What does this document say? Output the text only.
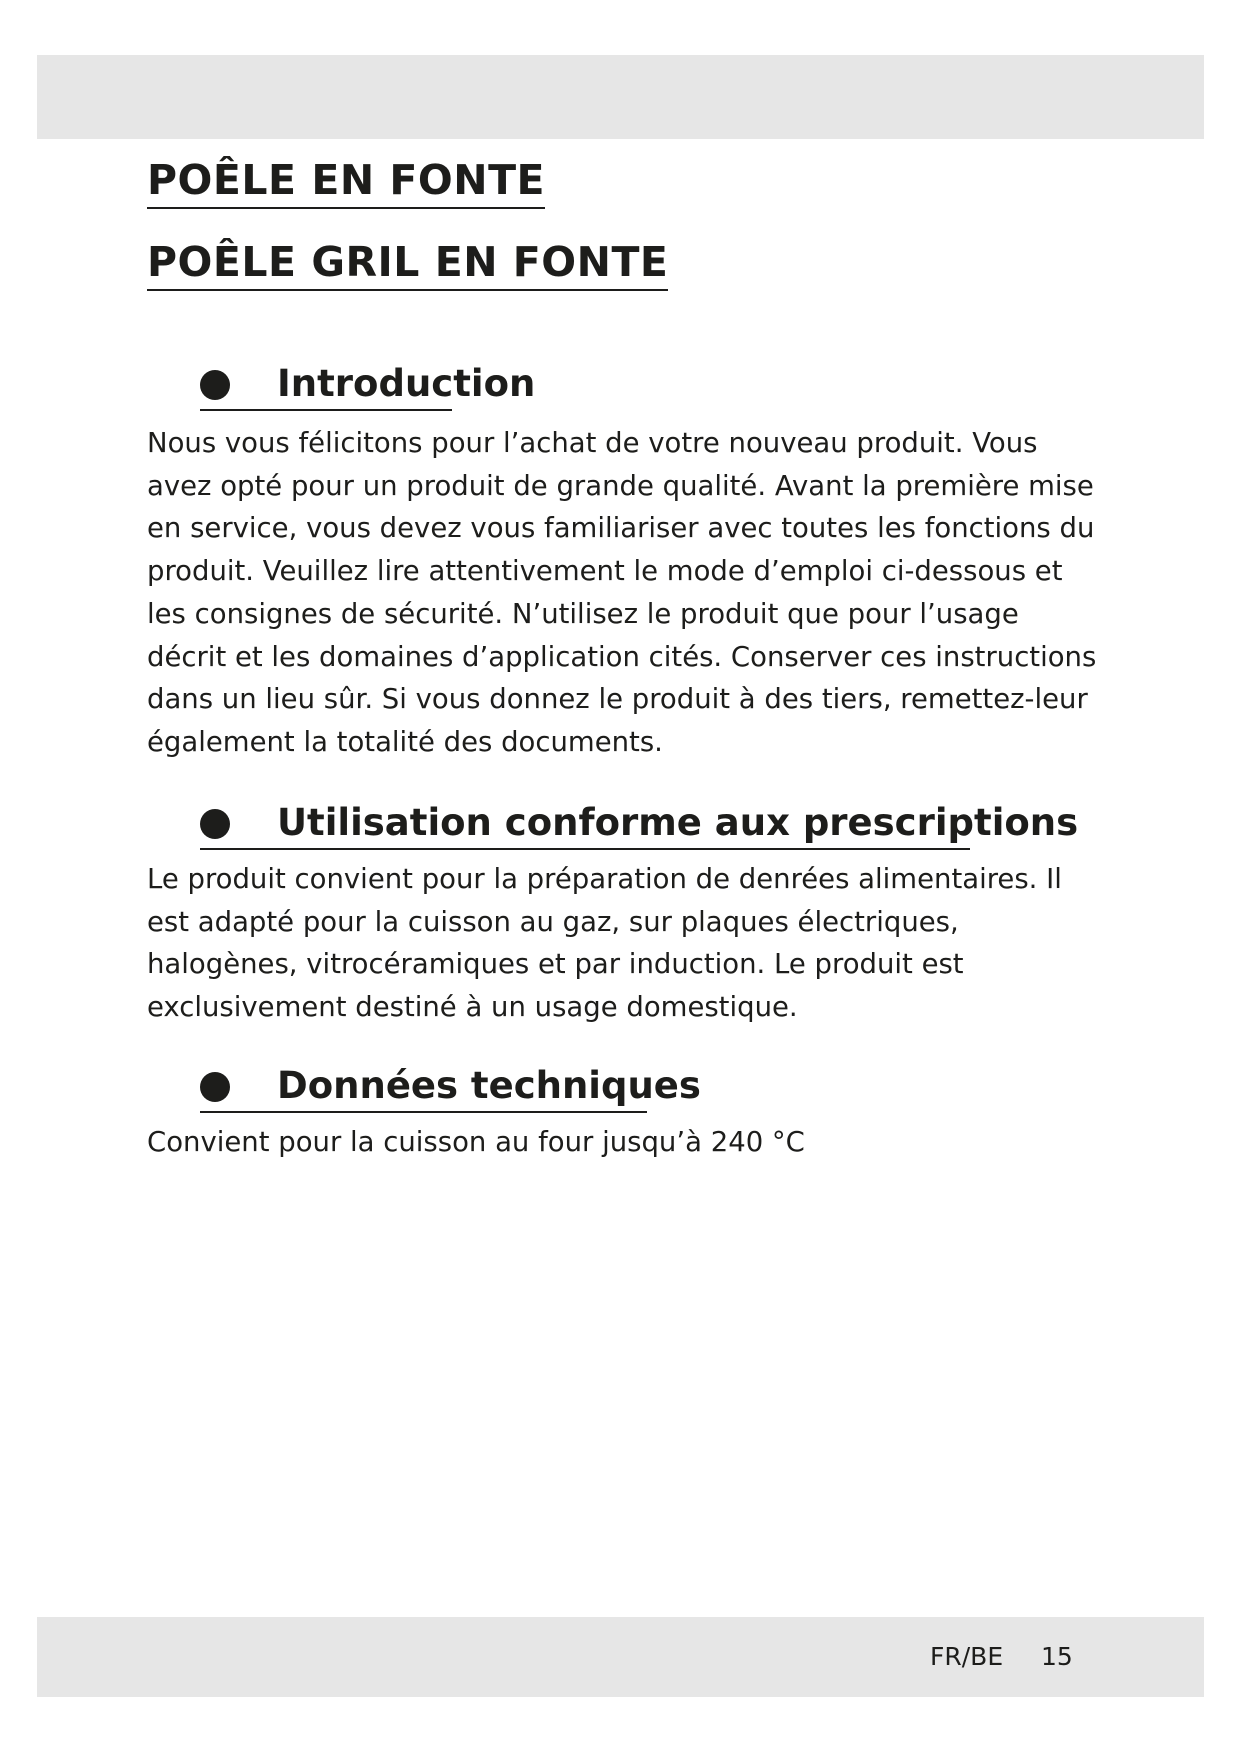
POÊLE EN FONTE
POÊLE GRIL EN FONTE
Introduction

Nous vous félicitons pour l’achat de votre nouveau produit. Vous avez opté pour un produit de grande qualité. Avant la première mise en service, vous devez vous familiariser avec toutes les fonctions du produit. Veuillez lire attentivement le mode d’emploi ci-dessous et les consignes de sécurité. N’utilisez le produit que pour l’usage décrit et les domaines d’application cités. Conserver ces instructions dans un lieu sûr. Si vous donnez le produit à des tiers, remettez-leur également la totalité des documents.

Utilisation conforme aux prescriptions

Le produit convient pour la préparation de denrées alimentaires. Il est adapté pour la cuisson au gaz, sur plaques électriques, halogènes, vitrocéramiques et par induction. Le produit est exclusivement destiné à un usage domestique.

Données techniques

Convient pour la cuisson au four jusqu’à 240 °C

FR/BE 15
